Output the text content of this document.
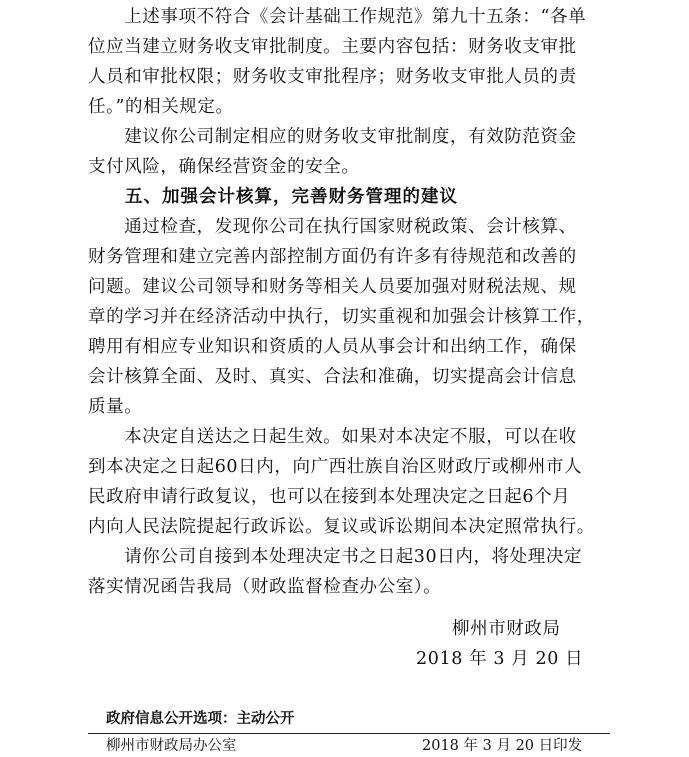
　　上述事项不符合《会计基础工作规范》第九十五条：“各单
位应当建立财务收支审批制度。主要内容包括：财务收支审批
人员和审批权限；财务收支审批程序；财务收支审批人员的责
任。”的相关规定。
　　建议你公司制定相应的财务收支审批制度，有效防范资金
支付风险，确保经营资金的安全。
　　五、加强会计核算，完善财务管理的建议
　　通过检查，发现你公司在执行国家财税政策、会计核算、
财务管理和建立完善内部控制方面仍有许多有待规范和改善的
问题。建议公司领导和财务等相关人员要加强对财税法规、规
章的学习并在经济活动中执行，切实重视和加强会计核算工作，
聘用有相应专业知识和资质的人员从事会计和出纳工作，确保
会计核算全面、及时、真实、合法和准确，切实提高会计信息
质量。
　　本决定自送达之日起生效。如果对本决定不服，可以在收
到本决定之日起60日内，向广西壮族自治区财政厅或柳州市人
民政府申请行政复议，也可以在接到本处理决定之日起6个月
内向人民法院提起行政诉讼。复议或诉讼期间本决定照常执行。
　　请你公司自接到本处理决定书之日起30日内，将处理决定
落实情况函告我局（财政监督检查办公室）。
柳州市财政局
2018 年 3 月 20 日
政府信息公开选项：主动公开
柳州市财政局办公室	2018 年 3 月 20 日印发
